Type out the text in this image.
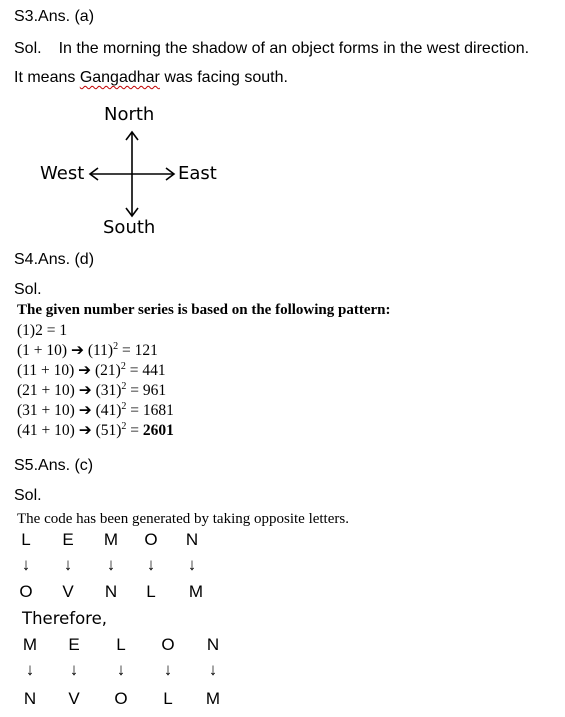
S3.Ans. (a)
Sol. In the morning the shadow of an object forms in the west direction.
It means Gangadhar was facing south.
North
West	East
South
S4.Ans. (d)
Sol.
The given number series is based on the following pattern:
(1)2 = 1
(1 + 10) ➔ $(11)^2 = 121$
(11 + 10) ➔ $(21)^2 = 441$
(21 + 10) ➔ $(31)^2 = 961$
(31 + 10) ➔ $(41)^2 = 1681$
(41 + 10) ➔ $(51)^2 = 2601$
S5.Ans. (c)
Sol.
The code has been generated by taking opposite letters.
L	E	M	O	N
↓	↓	↓	↓	↓
O	V	N	L	M
Therefore,
M	E	L	O	N
↓	↓	↓	↓	↓
N	V	O	L	M
